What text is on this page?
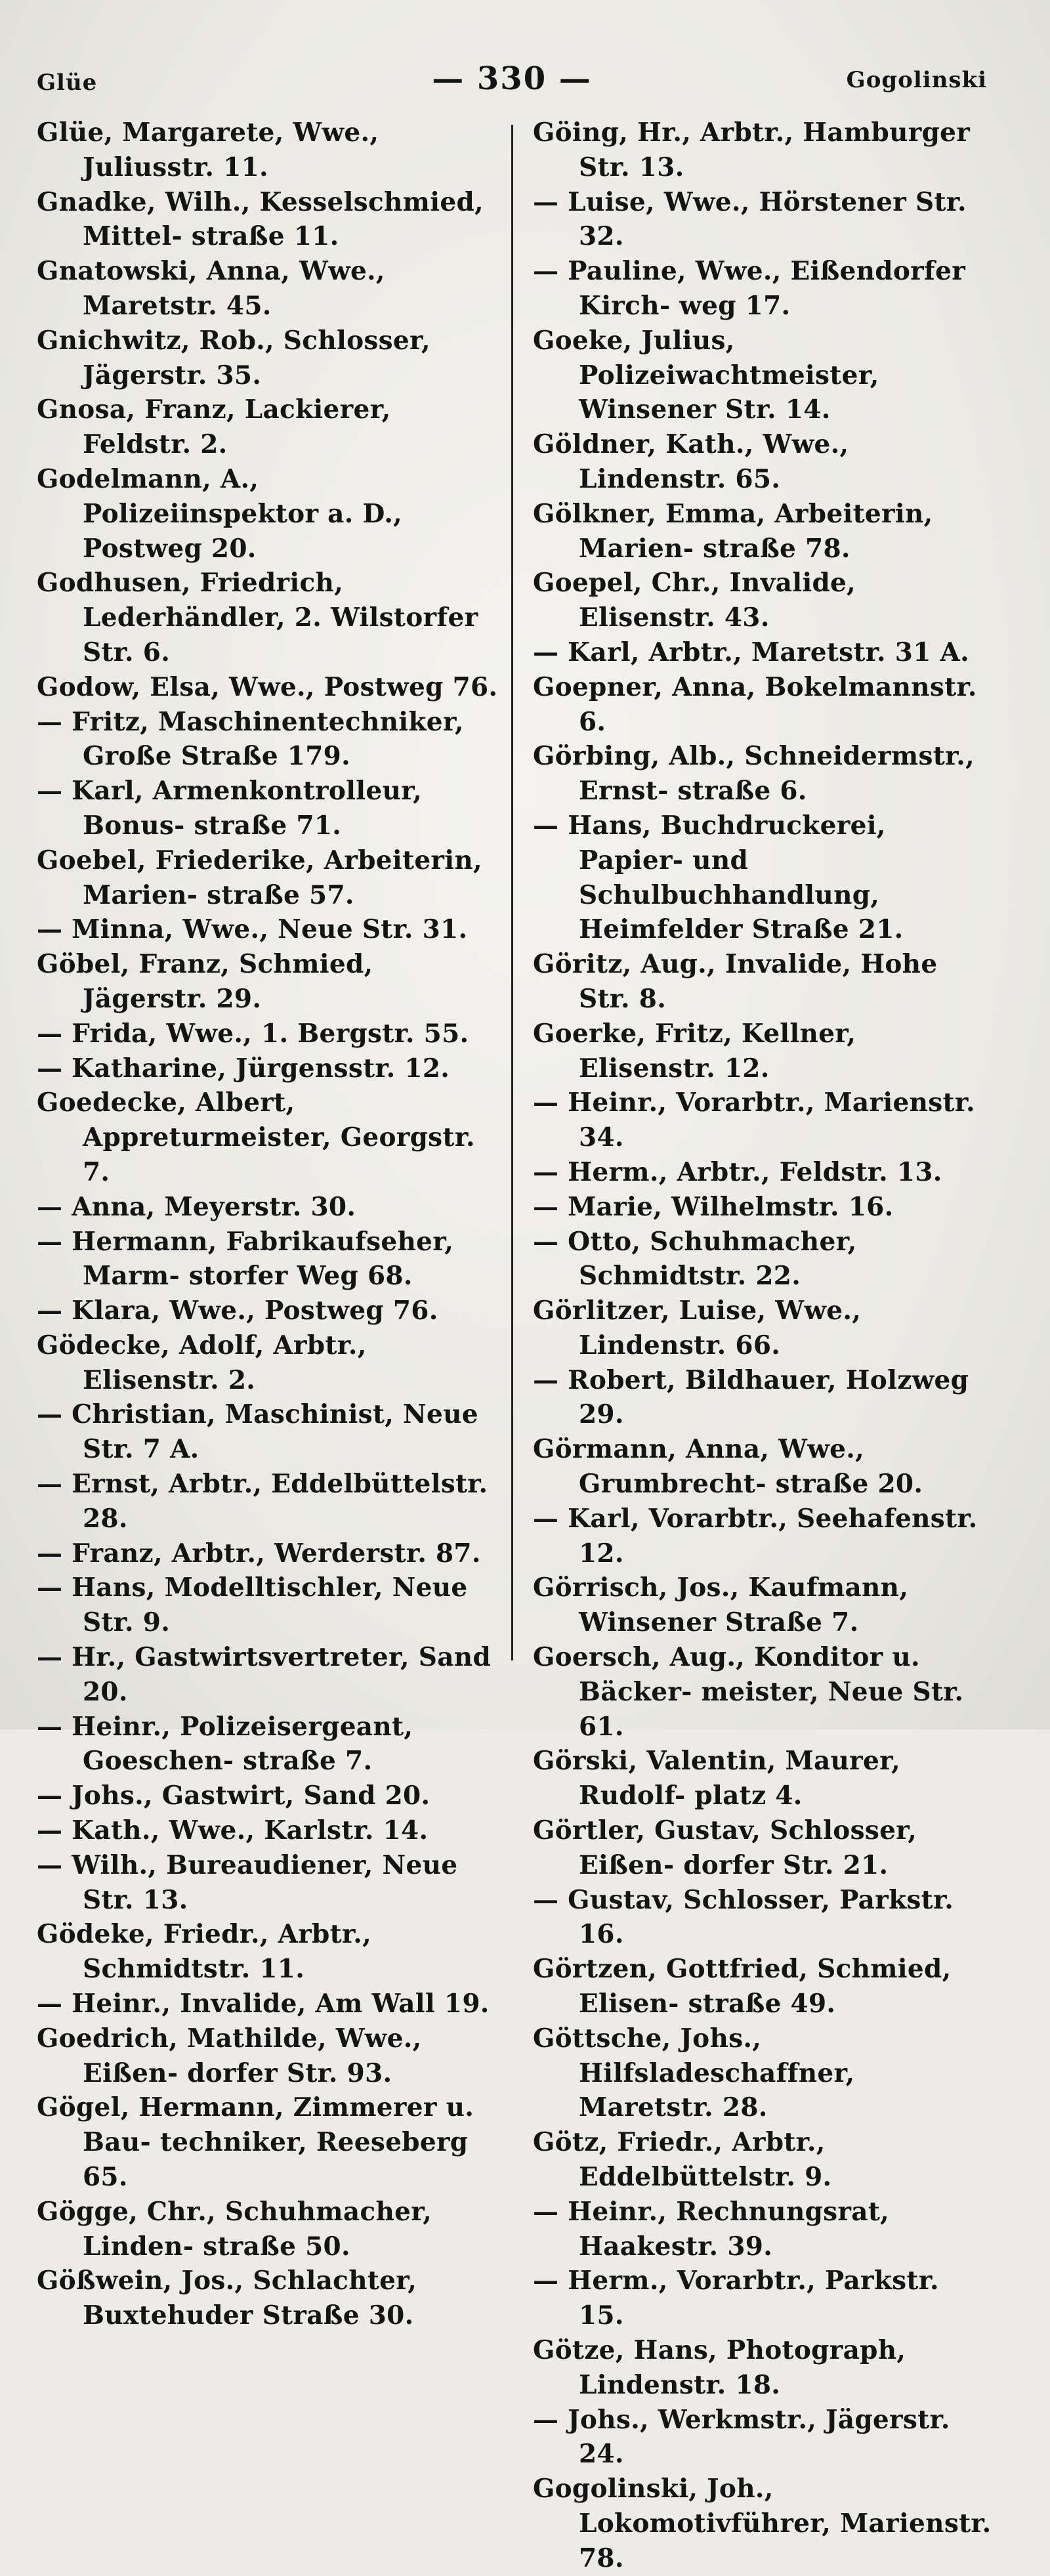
Glüe	— 330 —	Gogolinski
Glüe, Margarete, Wwe., Juliusstr. 11.
Gnadke, Wilh., Kesselschmied, Mittel- straße 11.
Gnatowski, Anna, Wwe., Maretstr. 45.
Gnichwitz, Rob., Schlosser, Jägerstr. 35.
Gnosa, Franz, Lackierer, Feldstr. 2.
Godelmann, A., Polizeiinspektor a. D., Postweg 20.
Godhusen, Friedrich, Lederhändler, 2. Wilstorfer Str. 6.
Godow, Elsa, Wwe., Postweg 76.
— Fritz, Maschinentechniker, Große Straße 179.
— Karl, Armenkontrolleur, Bonus- straße 71.
Goebel, Friederike, Arbeiterin, Marien- straße 57.
— Minna, Wwe., Neue Str. 31.
Göbel, Franz, Schmied, Jägerstr. 29.
— Frida, Wwe., 1. Bergstr. 55.
— Katharine, Jürgensstr. 12.
Goedecke, Albert, Appreturmeister, Georgstr. 7.
— Anna, Meyerstr. 30.
— Hermann, Fabrikaufseher, Marm- storfer Weg 68.
— Klara, Wwe., Postweg 76.
Gödecke, Adolf, Arbtr., Elisenstr. 2.
— Christian, Maschinist, Neue Str. 7 A.
— Ernst, Arbtr., Eddelbüttelstr. 28.
— Franz, Arbtr., Werderstr. 87.
— Hans, Modelltischler, Neue Str. 9.
— Hr., Gastwirtsvertreter, Sand 20.
— Heinr., Polizeisergeant, Goeschen- straße 7.
— Johs., Gastwirt, Sand 20.
— Kath., Wwe., Karlstr. 14.
— Wilh., Bureaudiener, Neue Str. 13.
Gödeke, Friedr., Arbtr., Schmidtstr. 11.
— Heinr., Invalide, Am Wall 19.
Goedrich, Mathilde, Wwe., Eißen- dorfer Str. 93.
Gögel, Hermann, Zimmerer u. Bau- techniker, Reeseberg 65.
Gögge, Chr., Schuhmacher, Linden- straße 50.
Gößwein, Jos., Schlachter, Buxtehuder Straße 30.
Göing, Hr., Arbtr., Hamburger Str. 13.
— Luise, Wwe., Hörstener Str. 32.
— Pauline, Wwe., Eißendorfer Kirch- weg 17.
Goeke, Julius, Polizeiwachtmeister, Winsener Str. 14.
Göldner, Kath., Wwe., Lindenstr. 65.
Gölkner, Emma, Arbeiterin, Marien- straße 78.
Goepel, Chr., Invalide, Elisenstr. 43.
— Karl, Arbtr., Maretstr. 31 A.
Goepner, Anna, Bokelmannstr. 6.
Görbing, Alb., Schneidermstr., Ernst- straße 6.
— Hans, Buchdruckerei, Papier- und Schulbuchhandlung, Heimfelder Straße 21.
Göritz, Aug., Invalide, Hohe Str. 8.
Goerke, Fritz, Kellner, Elisenstr. 12.
— Heinr., Vorarbtr., Marienstr. 34.
— Herm., Arbtr., Feldstr. 13.
— Marie, Wilhelmstr. 16.
— Otto, Schuhmacher, Schmidtstr. 22.
Görlitzer, Luise, Wwe., Lindenstr. 66.
— Robert, Bildhauer, Holzweg 29.
Görmann, Anna, Wwe., Grumbrecht- straße 20.
— Karl, Vorarbtr., Seehafenstr. 12.
Görrisch, Jos., Kaufmann, Winsener Straße 7.
Goersch, Aug., Konditor u. Bäcker- meister, Neue Str. 61.
Görski, Valentin, Maurer, Rudolf- platz 4.
Görtler, Gustav, Schlosser, Eißen- dorfer Str. 21.
— Gustav, Schlosser, Parkstr. 16.
Görtzen, Gottfried, Schmied, Elisen- straße 49.
Göttsche, Johs., Hilfsladeschaffner, Maretstr. 28.
Götz, Friedr., Arbtr., Eddelbüttelstr. 9.
— Heinr., Rechnungsrat, Haakestr. 39.
— Herm., Vorarbtr., Parkstr. 15.
Götze, Hans, Photograph, Lindenstr. 18.
— Johs., Werkmstr., Jägerstr. 24.
Gogolinski, Joh., Lokomotivführer, Marienstr. 78.
